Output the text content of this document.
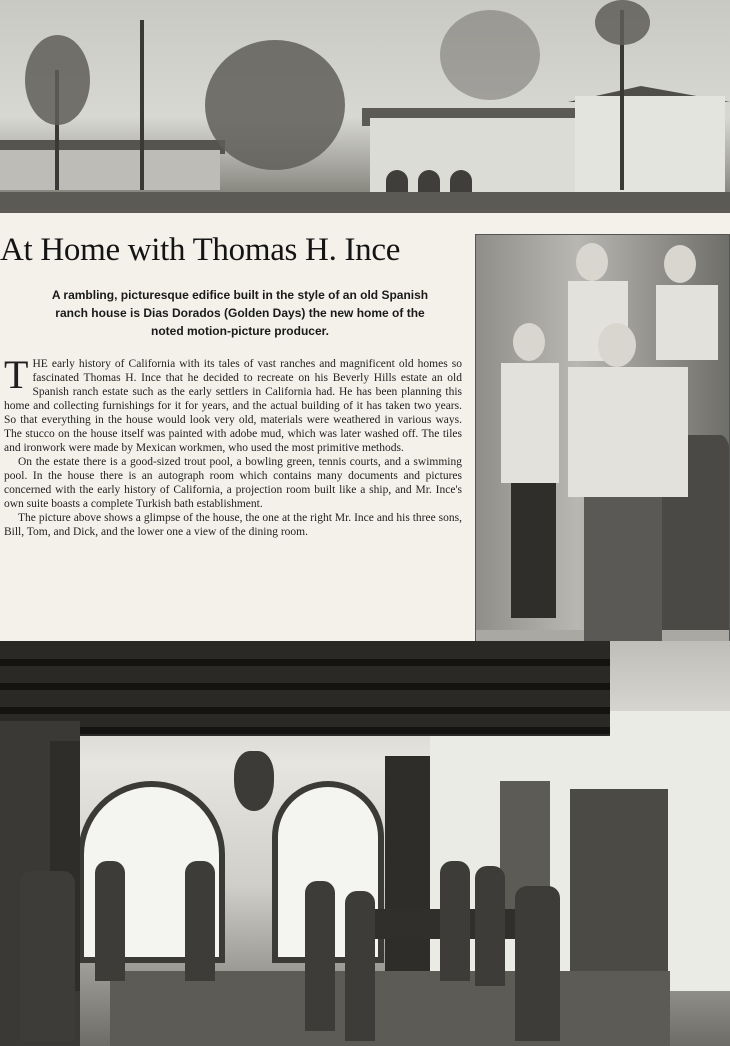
At Home with Thomas H. Ince

A rambling, picturesque edifice built in the style of an old Spanish ranch house is Dias Dorados (Golden Days) the new home of the noted motion-picture producer.

THE early history of California with its tales of vast ranches and magnificent old homes so fascinated Thomas H. Ince that he decided to recreate on his Beverly Hills estate an old Spanish ranch estate such as the early settlers in California had. He has been planning this home and collecting furnishings for it for years, and the actual building of it has taken two years. So that everything in the house would look very old, materials were weathered in various ways. The stucco on the house itself was painted with adobe mud, which was later washed off. The tiles and ironwork were made by Mexican workmen, who used the most primitive methods.

On the estate there is a good-sized trout pool, a bowling green, tennis courts, and a swimming pool. In the house there is an autograph room which contains many documents and pictures concerned with the early history of California, a projection room built like a ship, and Mr. Ince's own suite boasts a complete Turkish bath establishment.

The picture above shows a glimpse of the house, the one at the right Mr. Ince and his three sons, Bill, Tom, and Dick, and the lower one a view of the dining room.
